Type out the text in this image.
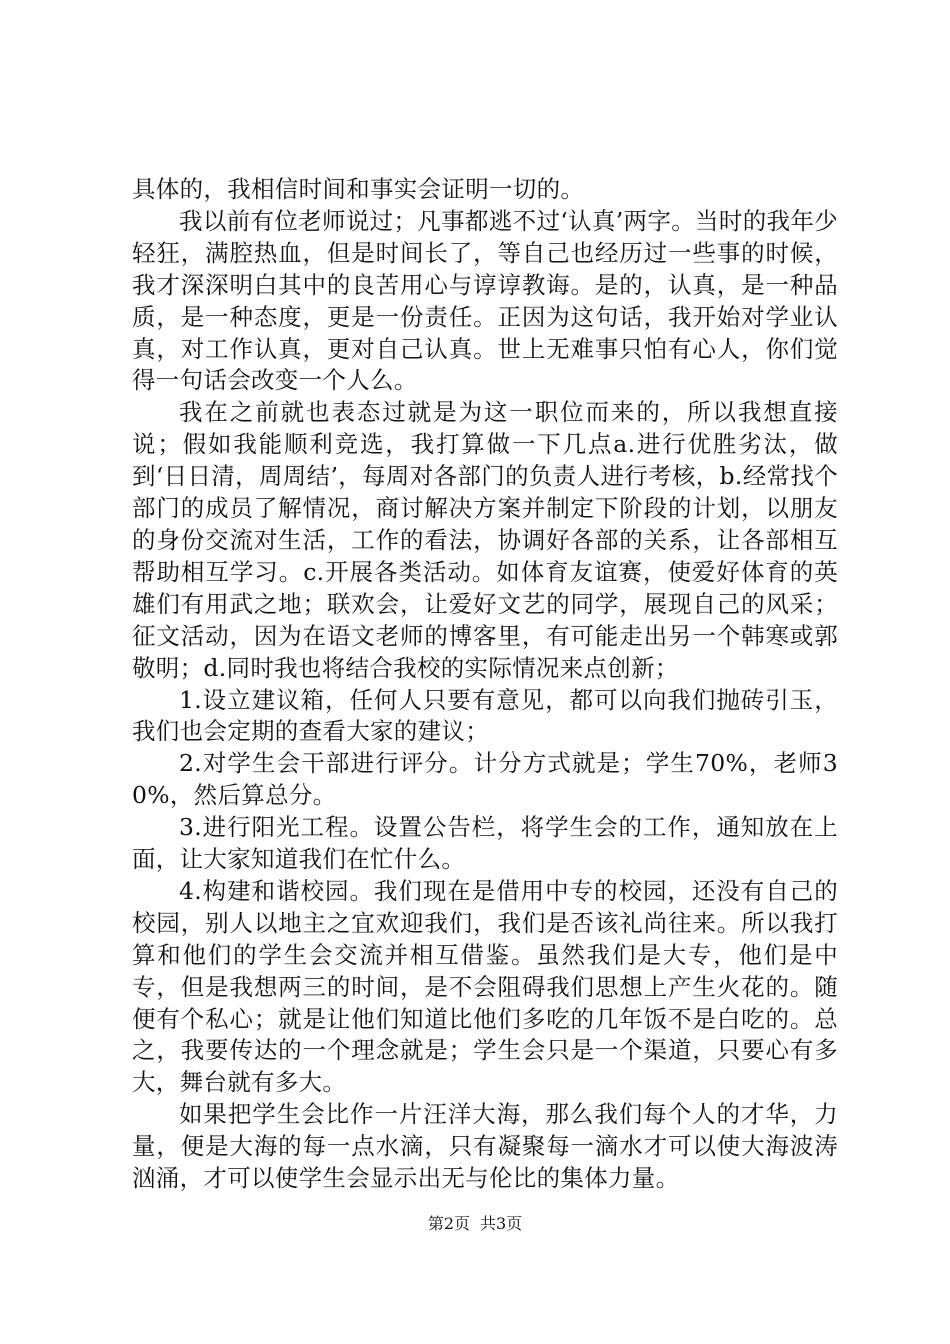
具体的，我相信时间和事实会证明一切的。

我以前有位老师说过；凡事都逃不过‘认真’两字。当时的我年少轻狂，满腔热血，但是时间长了，等自己也经历过一些事的时候，我才深深明白其中的良苦用心与谆谆教诲。是的，认真，是一种品质，是一种态度，更是一份责任。正因为这句话，我开始对学业认真，对工作认真，更对自己认真。世上无难事只怕有心人，你们觉得一句话会改变一个人么。

我在之前就也表态过就是为这一职位而来的，所以我想直接说；假如我能顺利竞选，我打算做一下几点a.进行优胜劣汰，做到‘日日清，周周结’，每周对各部门的负责人进行考核，b.经常找个部门的成员了解情况，商讨解决方案并制定下阶段的计划，以朋友的身份交流对生活，工作的看法，协调好各部的关系，让各部相互帮助相互学习。c.开展各类活动。如体育友谊赛，使爱好体育的英雄们有用武之地；联欢会，让爱好文艺的同学，展现自己的风采；征文活动，因为在语文老师的博客里，有可能走出另一个韩寒或郭敬明；d.同时我也将结合我校的实际情况来点创新；

1.设立建议箱，任何人只要有意见，都可以向我们抛砖引玉，我们也会定期的查看大家的建议；

2.对学生会干部进行评分。计分方式就是；学生70%，老师30%，然后算总分。

3.进行阳光工程。设置公告栏，将学生会的工作，通知放在上面，让大家知道我们在忙什么。

4.构建和谐校园。我们现在是借用中专的校园，还没有自己的校园，别人以地主之宜欢迎我们，我们是否该礼尚往来。所以我打算和他们的学生会交流并相互借鉴。虽然我们是大专，他们是中专，但是我想两三的时间，是不会阻碍我们思想上产生火花的。随便有个私心；就是让他们知道比他们多吃的几年饭不是白吃的。总之，我要传达的一个理念就是；学生会只是一个渠道，只要心有多大，舞台就有多大。

如果把学生会比作一片汪洋大海，那么我们每个人的才华，力量，便是大海的每一点水滴，只有凝聚每一滴水才可以使大海波涛汹涌，才可以使学生会显示出无与伦比的集体力量。

第2页 共3页
